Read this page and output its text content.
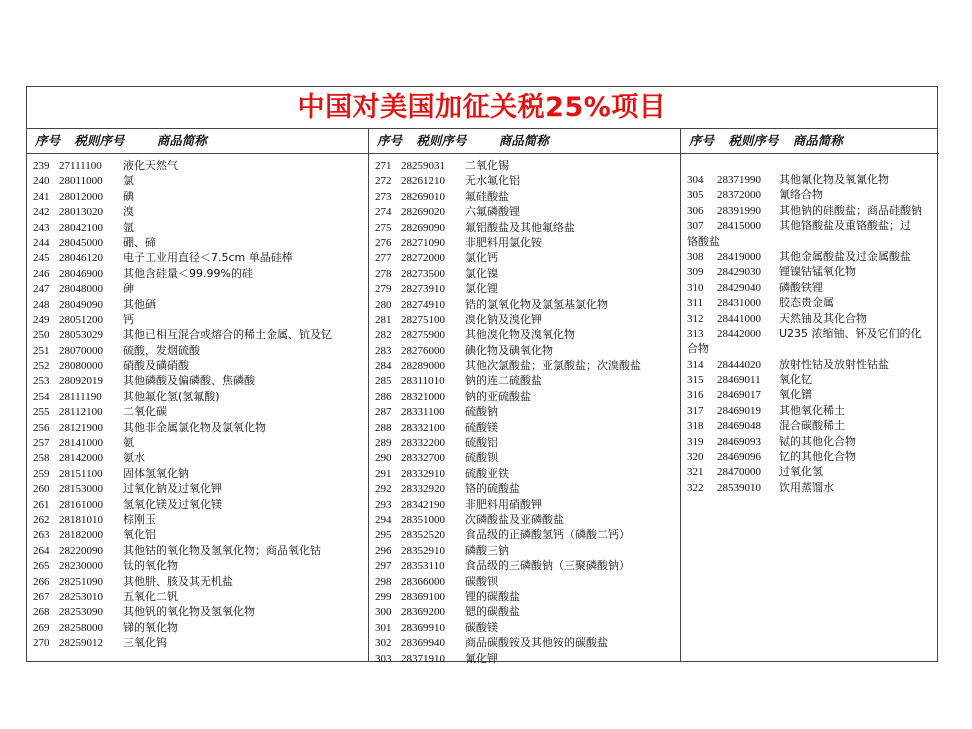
中国对美国加征关税25%项目
序号 税则序号	商品简称
239 27111100 液化天然气
240 28011000 氯
241 28012000 碘
242 28013020 溴
243 28042100 氩
244 28045000 硼、碲
245 28046120 电子工业用直径＜7.5cm 单晶硅棒
246 28046900 其他含硅量＜99.99%的硅
247 28048000 砷
248 28049090 其他硒
249 28051200 钙
250 28053029 其他已相互混合或熔合的稀土金属、钪及钇
251 28070000 硫酸，发烟硫酸
252 28080000 硝酸及磺硝酸
253 28092019 其他磷酸及偏磷酸、焦磷酸
254 28111190 其他氟化氢(氢氟酸)
255 28112100 二氧化碳
256 28121900 其他非金属氯化物及氯氧化物
257 28141000 氨
258 28142000 氨水
259 28151100 固体氢氧化钠
260 28153000 过氧化钠及过氧化钾
261 28161000 氢氧化镁及过氧化镁
262 28181010 棕刚玉
263 28182000 氧化铝
264 28220090 其他钴的氧化物及氢氧化物；商品氧化钴
265 28230000 钛的氧化物
266 28251090 其他肼、胲及其无机盐
267 28253010 五氧化二钒
268 28253090 其他钒的氧化物及氢氧化物
269 28258000 锑的氧化物
270 28259012 三氧化钨
序号 税则序号	商品简称
271 28259031 二氧化锡
272 28261210 无水氟化铝
273 28269010 氟硅酸盐
274 28269020 六氟磷酸锂
275 28269090 氟铝酸盐及其他氟络盐
276 28271090 非肥料用氯化铵
277 28272000 氯化钙
278 28273500 氯化镍
279 28273910 氯化锂
280 28274910 锆的氯氧化物及氯氢基氯化物
281 28275100 溴化钠及溴化钾
282 28275900 其他溴化物及溴氧化物
283 28276000 碘化物及碘氧化物
284 28289000 其他次氯酸盐；亚氯酸盐；次溴酸盐
285 28311010 钠的连二硫酸盐
286 28321000 钠的亚硫酸盐
287 28331100 硫酸钠
288 28332100 硫酸镁
289 28332200 硫酸铝
290 28332700 硫酸钡
291 28332910 硫酸亚铁
292 28332920 铬的硫酸盐
293 28342190 非肥料用硝酸钾
294 28351000 次磷酸盐及亚磷酸盐
295 28352520 食品级的正磷酸氢钙（磷酸二钙）
296 28352910 磷酸三钠
297 28353110 食品级的三磷酸钠（三聚磷酸钠）
298 28366000 碳酸钡
299 28369100 锂的碳酸盐
300 28369200 锶的碳酸盐
301 28369910 碳酸镁
302 28369940 商品碳酸铵及其他铵的碳酸盐
303 28371910 氰化钾
序号 税则序号 商品简称
304 28371990 其他氰化物及氧氰化物
305 28372000 氰络合物
306 28391990 其他钠的硅酸盐；商品硅酸钠
307 28415000 其他铬酸盐及重铬酸盐；过
铬酸盐
308 28419000 其他金属酸盐及过金属酸盐
309 28429030 锂镍钴锰氧化物
310 28429040 磷酸铁锂
311 28431000 胶态贵金属
312 28441000 天然铀及其化合物
313 28442000 U235 浓缩铀、钚及它们的化
合物
314 28444020 放射性钴及放射性钴盐
315 28469011 氧化钇
316 28469017 氧化镨
317 28469019 其他氧化稀土
318 28469048 混合碳酸稀土
319 28469093 铽的其他化合物
320 28469096 钇的其他化合物
321 28470000 过氧化氢
322 28539010 饮用蒸馏水
